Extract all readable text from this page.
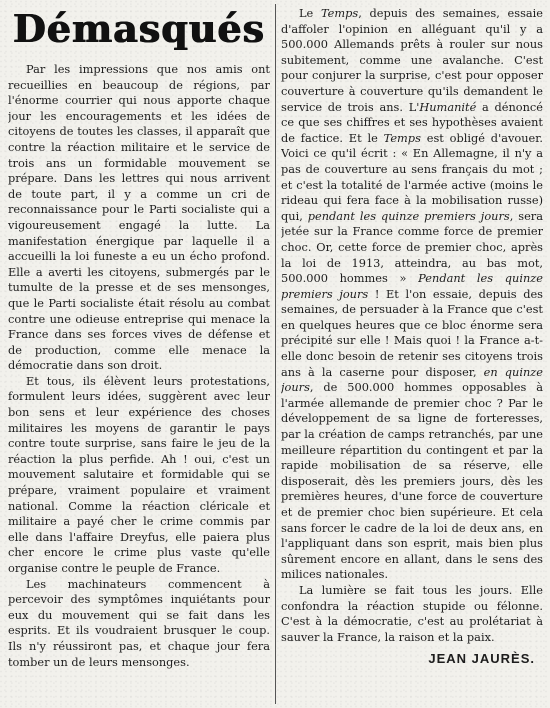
Démasqués

Par les impressions que nos amis ont recueillies en beaucoup de régions, par l'énorme courrier qui nous apporte chaque jour les encouragements et les idées de citoyens de toutes les classes, il apparaît que contre la réaction militaire et le service de trois ans un formidable mouvement se prépare. Dans les lettres qui nous arrivent de toute part, il y a comme un cri de reconnaissance pour le Parti socialiste qui a vigoureusement engagé la lutte. La manifestation énergique par laquelle il a accueilli la loi funeste a eu un écho profond. Elle a averti les citoyens, submergés par le tumulte de la presse et de ses mensonges, que le Parti socialiste était résolu au combat contre une odieuse entreprise qui menace la France dans ses forces vives de défense et de production, comme elle menace la démocratie dans son droit.

Et tous, ils élèvent leurs protestations, formulent leurs idées, suggèrent avec leur bon sens et leur expérience des choses militaires les moyens de garantir le pays contre toute surprise, sans faire le jeu de la réaction la plus perfide. Ah ! oui, c'est un mouvement salutaire et formidable qui se prépare, vraiment populaire et vraiment national. Comme la réaction cléricale et militaire a payé cher le crime commis par elle dans l'affaire Dreyfus, elle paiera plus cher encore le crime plus vaste qu'elle organise contre le peuple de France.

Les machinateurs commencent à percevoir des symptômes inquiétants pour eux du mouvement qui se fait dans les esprits. Et ils voudraient brusquer le coup. Ils n'y réussiront pas, et chaque jour fera tomber un de leurs mensonges.

Le Temps, depuis des semaines, essaie d'affoler l'opinion en alléguant qu'il y a 500.000 Allemands prêts à rouler sur nous subitement, comme une avalanche. C'est pour conjurer la surprise, c'est pour opposer couverture à couverture qu'ils demandent le service de trois ans. L'Humanité a dénoncé ce que ses chiffres et ses hypothèses avaient de factice. Et le Temps est obligé d'avouer. Voici ce qu'il écrit : « En Allemagne, il n'y a pas de couverture au sens français du mot ; et c'est la totalité de l'armée active (moins le rideau qui fera face à la mobilisation russe) qui, pendant les quinze premiers jours, sera jetée sur la France comme force de premier choc. Or, cette force de premier choc, après la loi de 1913, atteindra, au bas mot, 500.000 hommes » Pendant les quinze premiers jours ! Et l'on essaie, depuis des semaines, de persuader à la France que c'est en quelques heures que ce bloc énorme sera précipité sur elle ! Mais quoi ! la France a-t-elle donc besoin de retenir ses citoyens trois ans à la caserne pour disposer, en quinze jours, de 500.000 hommes opposables à l'armée allemande de premier choc ? Par le développement de sa ligne de forteresses, par la création de camps retranchés, par une meilleure répartition du contingent et par la rapide mobilisation de sa réserve, elle disposerait, dès les premiers jours, dès les premières heures, d'une force de couverture et de premier choc bien supérieure. Et cela sans forcer le cadre de la loi de deux ans, en l'appliquant dans son esprit, mais bien plus sûrement encore en allant, dans le sens des milices nationales.

La lumière se fait tous les jours. Elle confondra la réaction stupide ou félonne. C'est à la démocratie, c'est au prolétariat à sauver la France, la raison et la paix.

JEAN JAURÈS.
